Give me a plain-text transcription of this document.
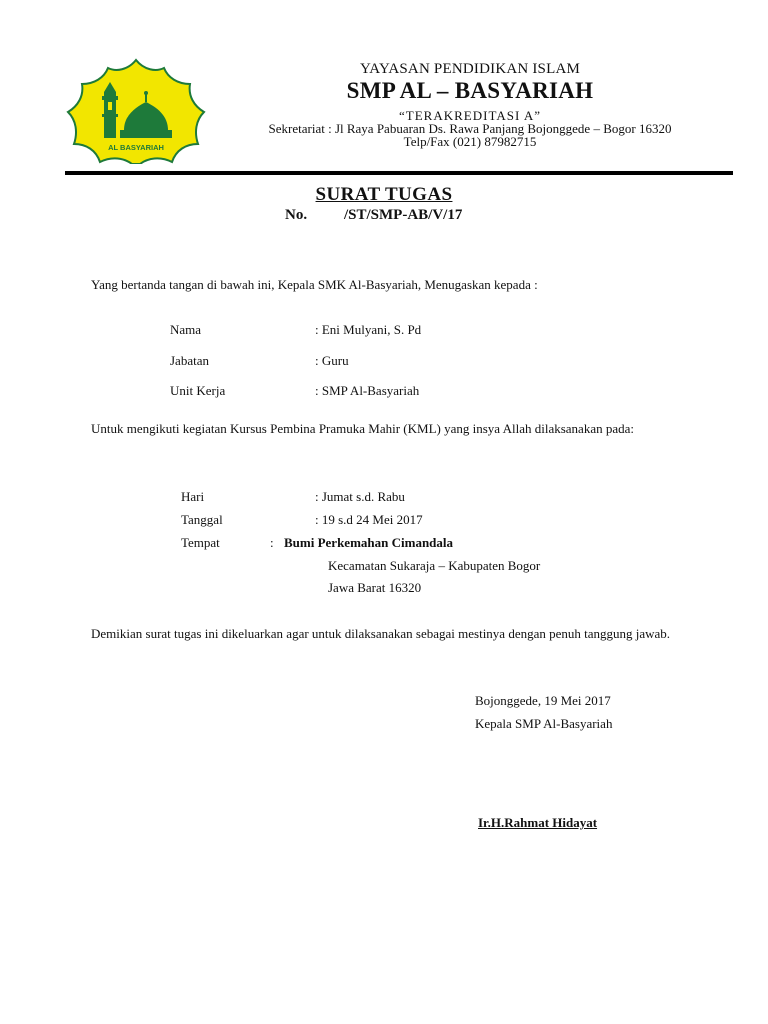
AL BASYARIAH
YAYASAN PENDIDIKAN ISLAM
SMP AL – BASYARIAH
“TERAKREDITASI A”
Sekretariat : Jl Raya Pabuaran Ds. Rawa Panjang Bojonggede – Bogor 16320
Telp/Fax (021) 87982715
SURAT TUGAS
No. /ST/SMP-AB/V/17
Yang bertanda tangan di bawah ini, Kepala SMK Al-Basyariah, Menugaskan kepada :
Nama	: Eni Mulyani, S. Pd
Jabatan	: Guru
Unit Kerja	: SMP Al-Basyariah
Untuk mengikuti kegiatan Kursus Pembina Pramuka Mahir (KML) yang insya Allah dilaksanakan pada:
Hari	: Jumat s.d. Rabu
Tanggal	: 19 s.d 24 Mei 2017
Tempat	: Bumi Perkemahan Cimandala
Kecamatan Sukaraja – Kabupaten Bogor
Jawa Barat 16320
Demikian surat tugas ini dikeluarkan agar untuk dilaksanakan sebagai mestinya dengan penuh tanggung jawab.
Bojonggede, 19 Mei 2017
Kepala SMP Al-Basyariah
Ir.H.Rahmat Hidayat
